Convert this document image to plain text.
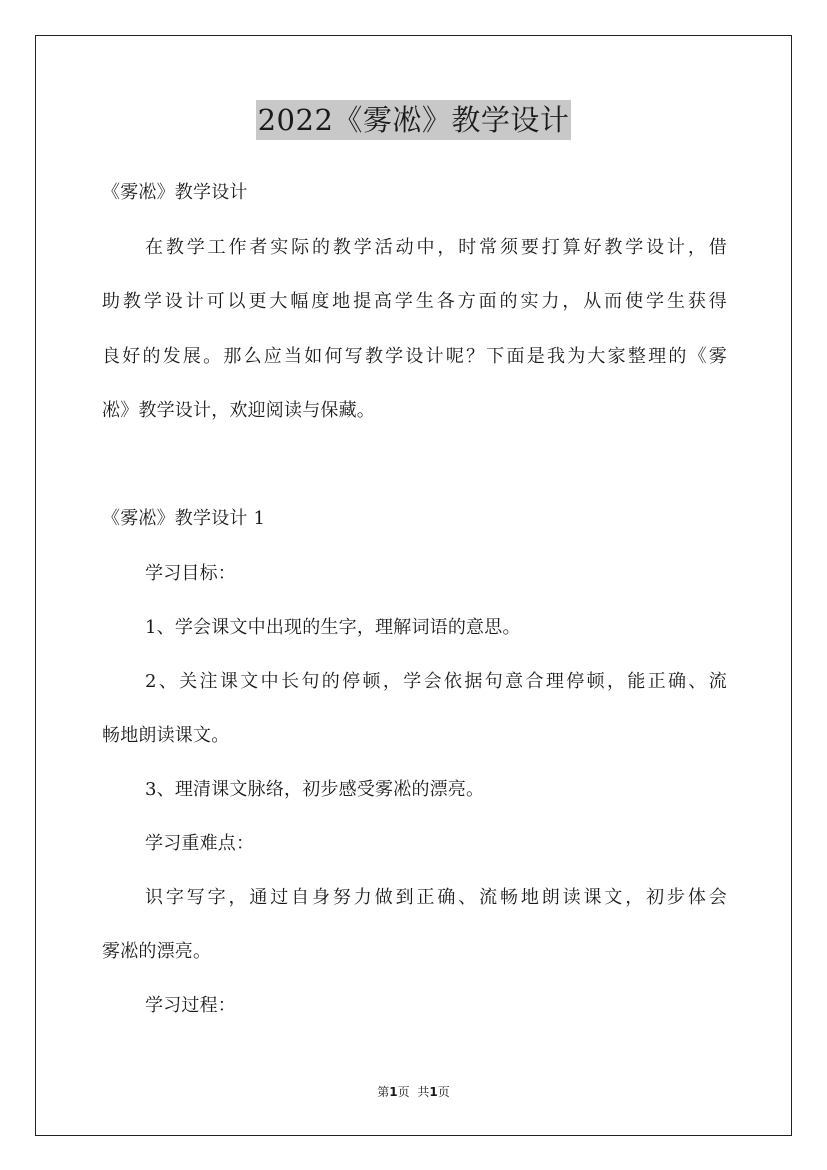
2022《雾凇》教学设计
《雾凇》教学设计
在教学工作者实际的教学活动中，时常须要打算好教学设计，借
助教学设计可以更大幅度地提高学生各方面的实力，从而使学生获得
良好的发展。那么应当如何写教学设计呢？下面是我为大家整理的《雾
凇》教学设计，欢迎阅读与保藏。
《雾凇》教学设计 1
学习目标：
1、学会课文中出现的生字，理解词语的意思。
2、关注课文中长句的停顿，学会依据句意合理停顿，能正确、流
畅地朗读课文。
3、理清课文脉络，初步感受雾凇的漂亮。
学习重难点：
识字写字，通过自身努力做到正确、流畅地朗读课文，初步体会
雾凇的漂亮。
学习过程：
第1页 共1页
